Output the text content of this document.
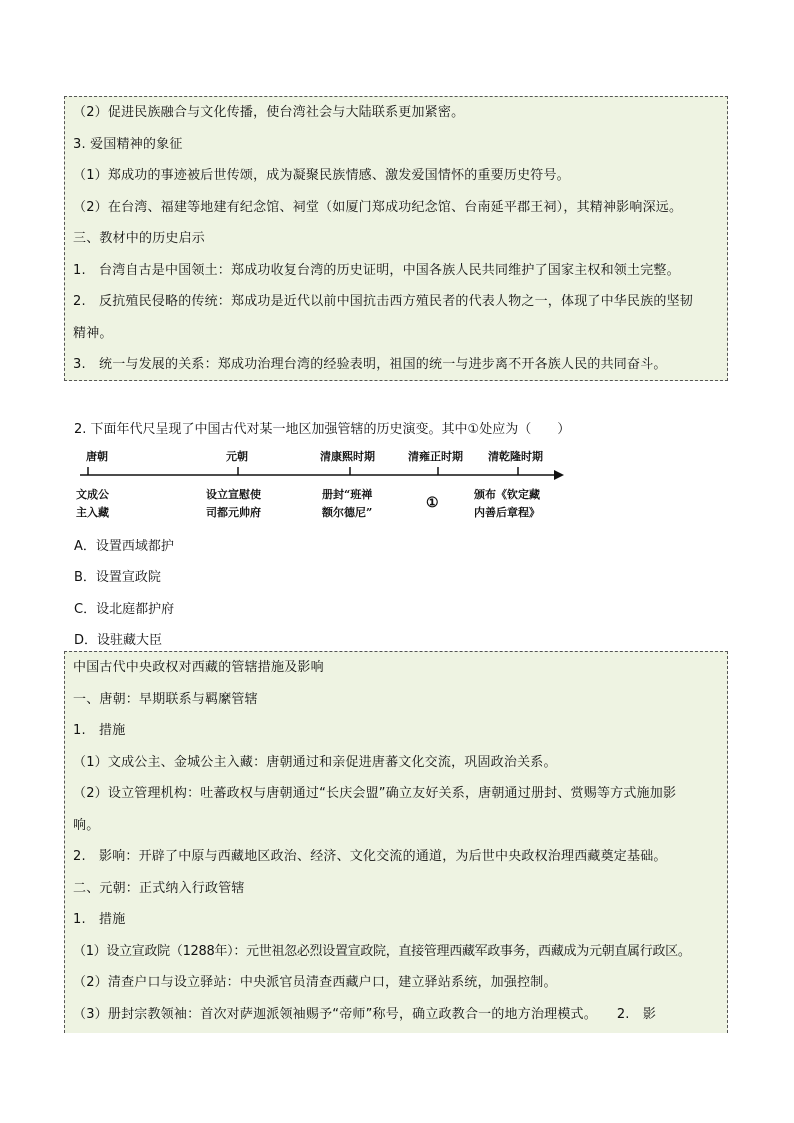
（2）促进民族融合与文化传播，使台湾社会与大陆联系更加紧密。
3. 爱国精神的象征
（1）郑成功的事迹被后世传颂，成为凝聚民族情感、激发爱国情怀的重要历史符号。
（2）在台湾、福建等地建有纪念馆、祠堂（如厦门郑成功纪念馆、台南延平郡王祠），其精神影响深远。
三、教材中的历史启示
1.　台湾自古是中国领土：郑成功收复台湾的历史证明，中国各族人民共同维护了国家主权和领土完整。
2.　反抗殖民侵略的传统：郑成功是近代以前中国抗击西方殖民者的代表人物之一，体现了中华民族的坚韧
精神。
3.　统一与发展的关系：郑成功治理台湾的经验表明，祖国的统一与进步离不开各族人民的共同奋斗。
2. 下面年代尺呈现了中国古代对某一地区加强管辖的历史演变。其中①处应为（　　）
唐朝	元朝	清康熙时期	清雍正时期 清乾隆时期
文成公
主入藏
设立宣慰使
司都元帅府
册封“班禅
额尔德尼”
①
颁布《钦定藏
内善后章程》
A．设置西域都护
B．设置宣政院
C．设北庭都护府
D．设驻藏大臣
中国古代中央政权对西藏的管辖措施及影响
一、唐朝：早期联系与羁縻管辖
1.　措施
（1）文成公主、金城公主入藏：唐朝通过和亲促进唐蕃文化交流，巩固政治关系。
（2）设立管理机构：吐蕃政权与唐朝通过“长庆会盟”确立友好关系，唐朝通过册封、赏赐等方式施加影
响。
2.　影响：开辟了中原与西藏地区政治、经济、文化交流的通道，为后世中央政权治理西藏奠定基础。
二、元朝：正式纳入行政管辖
1.　措施
（1）设立宣政院（1288年）：元世祖忽必烈设置宣政院，直接管理西藏军政事务，西藏成为元朝直属行政区。
（2）清查户口与设立驿站：中央派官员清查西藏户口，建立驿站系统，加强控制。
（3）册封宗教领袖：首次对萨迦派领袖赐予“帝师”称号，确立政教合一的地方治理模式。　　2.　影
